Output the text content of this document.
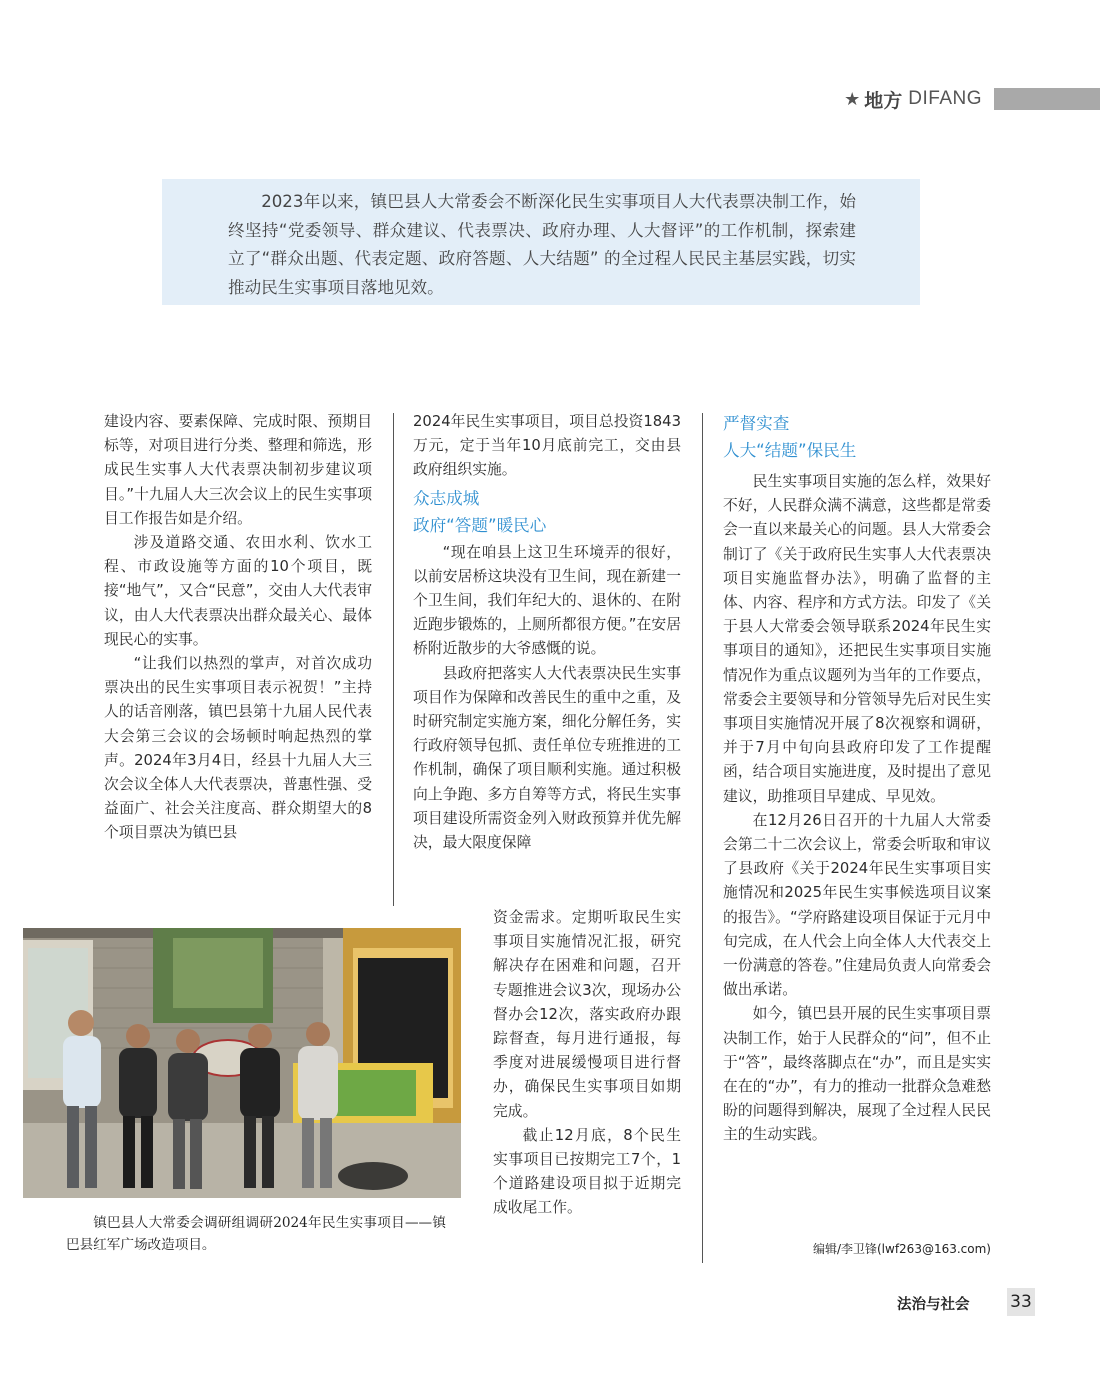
★ 地方 DIFANG
2023年以来，镇巴县人大常委会不断深化民生实事项目人大代表票决制工作，始终坚持“党委领导、群众建议、代表票决、政府办理、人大督评”的工作机制，探索建立了“群众出题、代表定题、政府答题、人大结题” 的全过程人民民主基层实践，切实推动民生实事项目落地见效。

建设内容、要素保障、完成时限、预期目标等，对项目进行分类、整理和筛选，形成民生实事人大代表票决制初步建议项目。”十九届人大三次会议上的民生实事项目工作报告如是介绍。

涉及道路交通、农田水利、饮水工程、市政设施等方面的10个项目，既接“地气”，又合“民意”，交由人大代表审议，由人大代表票决出群众最关心、最体现民心的实事。

“让我们以热烈的掌声，对首次成功票决出的民生实事项目表示祝贺！”主持人的话音刚落，镇巴县第十九届人民代表大会第三会议的会场顿时响起热烈的掌声。2024年3月4日，经县十九届人大三次会议全体人大代表票决，普惠性强、受益面广、社会关注度高、群众期望大的8个项目票决为镇巴县

2024年民生实事项目，项目总投资1843万元，定于当年10月底前完工，交由县政府组织实施。

众志成城
政府“答题”暖民心

“现在咱县上这卫生环境弄的很好，以前安居桥这块没有卫生间，现在新建一个卫生间，我们年纪大的、退休的、在附近跑步锻炼的，上厕所都很方便。”在安居桥附近散步的大爷感慨的说。

县政府把落实人大代表票决民生实事项目作为保障和改善民生的重中之重，及时研究制定实施方案，细化分解任务，实行政府领导包抓、责任单位专班推进的工作机制，确保了项目顺利实施。通过积极向上争跑、多方自筹等方式，将民生实事项目建设所需资金列入财政预算并优先解决，最大限度保障

资金需求。定期听取民生实事项目实施情况汇报，研究解决存在困难和问题，召开专题推进会议3次，现场办公督办会12次，落实政府办跟踪督查，每月进行通报，每季度对进展缓慢项目进行督办，确保民生实事项目如期完成。

截止12月底，8个民生实事项目已按期完工7个，1个道路建设项目拟于近期完成收尾工作。

严督实查
人大“结题”保民生

民生实事项目实施的怎么样，效果好不好，人民群众满不满意，这些都是常委会一直以来最关心的问题。县人大常委会制订了《关于政府民生实事人大代表票决项目实施监督办法》，明确了监督的主体、内容、程序和方式方法。印发了《关于县人大常委会领导联系2024年民生实事项目的通知》，还把民生实事项目实施情况作为重点议题列为当年的工作要点，常委会主要领导和分管领导先后对民生实事项目实施情况开展了8次视察和调研，并于7月中旬向县政府印发了工作提醒函，结合项目实施进度，及时提出了意见建议，助推项目早建成、早见效。

在12月26日召开的十九届人大常委会第二十二次会议上，常委会听取和审议了县政府《关于2024年民生实事项目实施情况和2025年民生实事候选项目议案的报告》。“学府路建设项目保证于元月中旬完成，在人代会上向全体人大代表交上一份满意的答卷。”住建局负责人向常委会做出承诺。

如今，镇巴县开展的民生实事项目票决制工作，始于人民群众的“问”，但不止于“答”，最终落脚点在“办”，而且是实实在在的“办”，有力的推动一批群众急难愁盼的问题得到解决，展现了全过程人民民主的生动实践。

镇巴县人大常委会调研组调研2024年民生实事项目——镇巴县红军广场改造项目。	编辑/李卫锋(lwf263@163.com)
法治与社会 33
